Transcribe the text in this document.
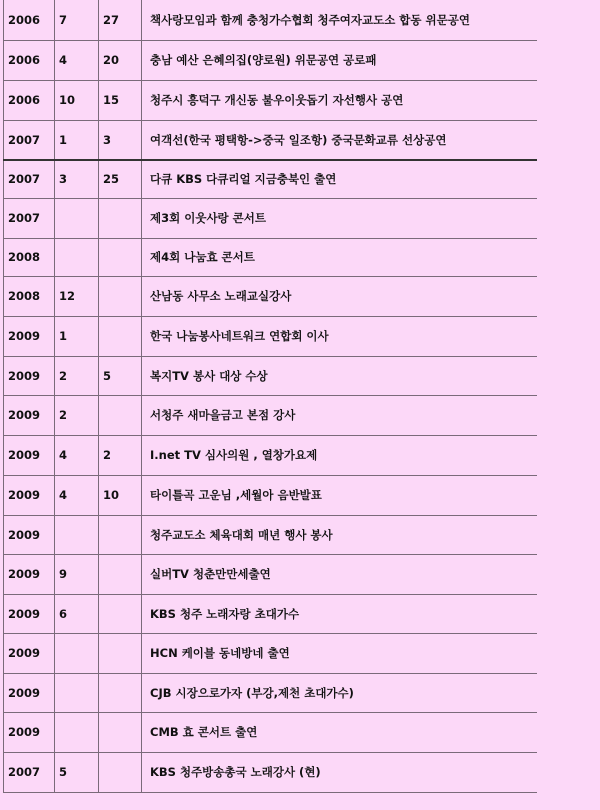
2006	7	27	책사랑모임과 함께 충청가수협회 청주여자교도소 합동 위문공연
2006	4	20	충남 예산 은혜의집(양로원) 위문공연 공로패
2006	10	15	청주시 흥덕구 개신동 불우이웃돕기 자선행사 공연
2007	1	3	여객선(한국 평택항->중국 일조항) 중국문화교류 선상공연
2007	3	25	다큐 KBS 다큐리얼 지금충북인 출연
2007			제3회 이웃사랑 콘서트
2008			제4회 나눔효 콘서트
2008	12		산남동 사무소 노래교실강사
2009	1		한국 나눔봉사네트워크 연합회 이사
2009	2	5	복지TV 봉사 대상 수상
2009	2		서청주 새마을금고 본점 강사
2009	4	2	I.net TV 심사의원 , 열창가요제
2009	4	10	타이틀곡 고운님 ,세월아 음반발표
2009			청주교도소 체육대회 매년 행사 봉사
2009	9		실버TV 청춘만만세출연
2009	6		KBS 청주 노래자랑 초대가수
2009			HCN 케이블 동네방네 출연
2009			CJB 시장으로가자 (부강,제천 초대가수)
2009			CMB 효 콘서트 출연
2007	5		KBS 청주방송총국 노래강사 (현)
